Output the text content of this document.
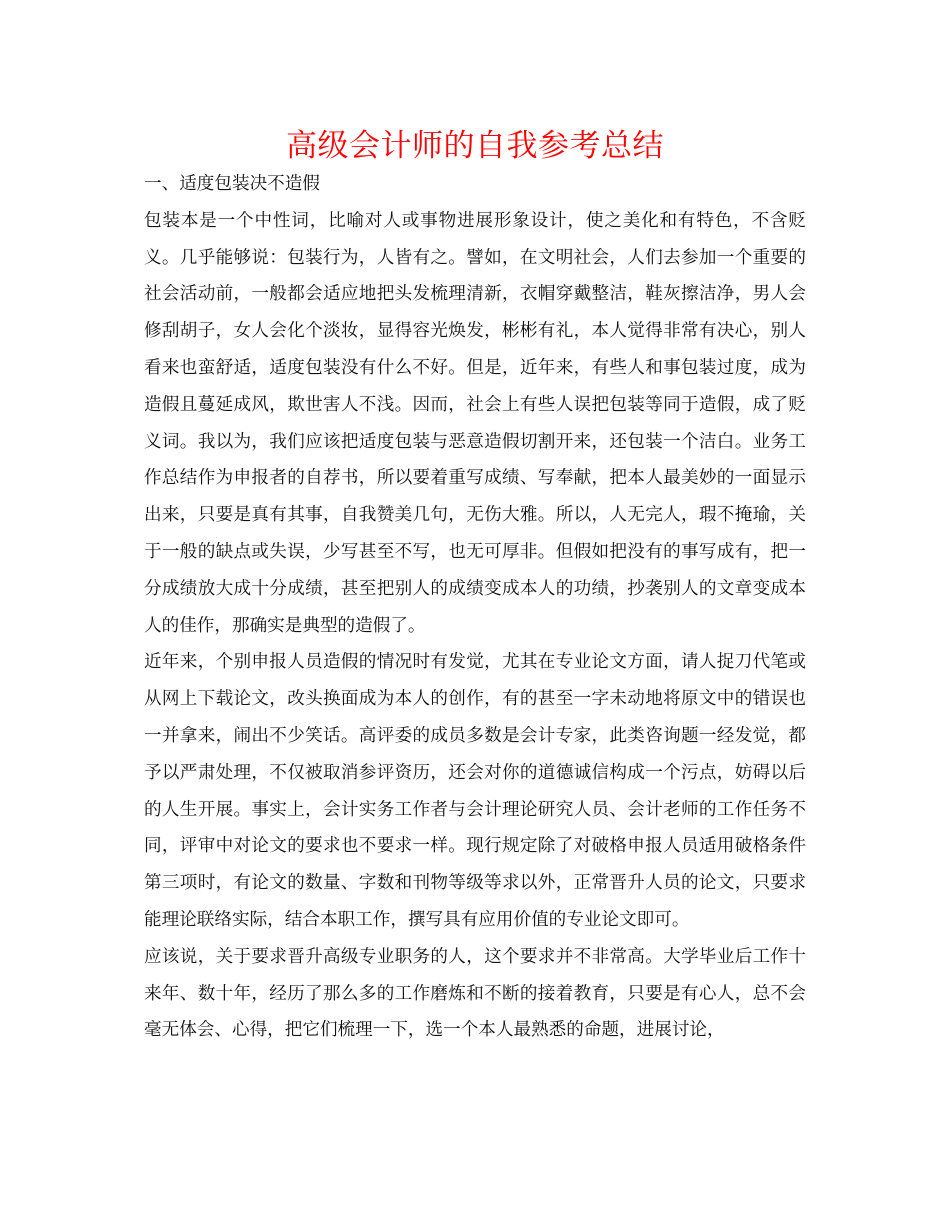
高级会计师的自我参考总结

一、适度包装决不造假

包装本是一个中性词，比喻对人或事物进展形象设计，使之美化和有特色，不含贬义。几乎能够说：包装行为，人皆有之。譬如，在文明社会，人们去参加一个重要的社会活动前，一般都会适应地把头发梳理清新，衣帽穿戴整洁，鞋灰擦洁净，男人会修刮胡子，女人会化个淡妆，显得容光焕发，彬彬有礼，本人觉得非常有决心，别人看来也蛮舒适，适度包装没有什么不好。但是，近年来，有些人和事包装过度，成为造假且蔓延成风，欺世害人不浅。因而，社会上有些人误把包装等同于造假，成了贬义词。我以为，我们应该把适度包装与恶意造假切割开来，还包装一个洁白。业务工作总结作为申报者的自荐书，所以要着重写成绩、写奉献，把本人最美妙的一面显示出来，只要是真有其事，自我赞美几句，无伤大雅。所以，人无完人，瑕不掩瑜，关于一般的缺点或失误，少写甚至不写，也无可厚非。但假如把没有的事写成有，把一分成绩放大成十分成绩，甚至把别人的成绩变成本人的功绩，抄袭别人的文章变成本人的佳作，那确实是典型的造假了。

近年来，个别申报人员造假的情况时有发觉，尤其在专业论文方面，请人捉刀代笔或从网上下载论文，改头换面成为本人的创作，有的甚至一字未动地将原文中的错误也一并拿来，闹出不少笑话。高评委的成员多数是会计专家，此类咨询题一经发觉，都予以严肃处理，不仅被取消参评资历，还会对你的道德诚信构成一个污点，妨碍以后的人生开展。事实上，会计实务工作者与会计理论研究人员、会计老师的工作任务不同，评审中对论文的要求也不要求一样。现行规定除了对破格申报人员适用破格条件第三项时，有论文的数量、字数和刊物等级等求以外，正常晋升人员的论文，只要求能理论联络实际，结合本职工作，撰写具有应用价值的专业论文即可。

应该说，关于要求晋升高级专业职务的人，这个要求并不非常高。大学毕业后工作十来年、数十年，经历了那么多的工作磨炼和不断的接着教育，只要是有心人，总不会毫无体会、心得，把它们梳理一下，选一个本人最熟悉的命题，进展讨论，
